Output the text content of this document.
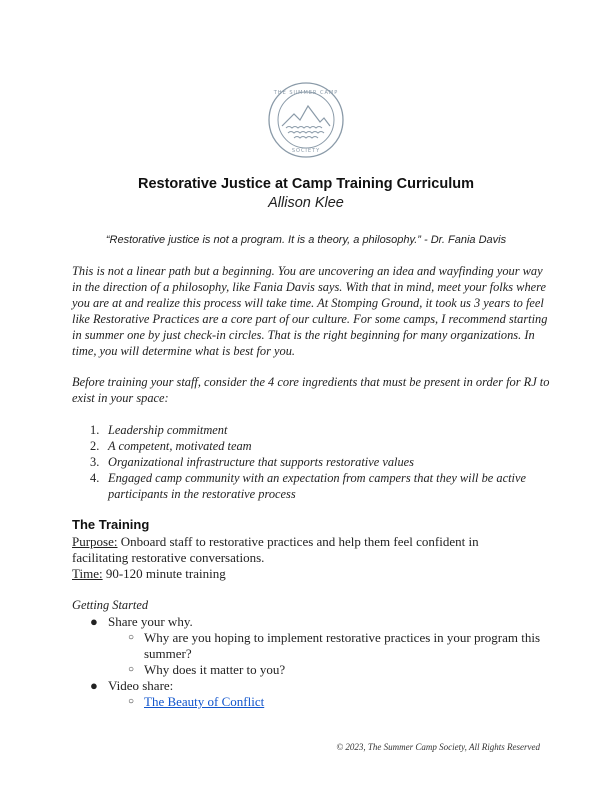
THE SUMMER CAMP
SOCIETY
Restorative Justice at Camp Training Curriculum
Allison Klee
“Restorative justice is not a program. It is a theory, a philosophy.” - Dr. Fania Davis
This is not a linear path but a beginning. You are uncovering an idea and wayfinding your way in the direction of a philosophy, like Fania Davis says. With that in mind, meet your folks where you are at and realize this process will take time. At Stomping Ground, it took us 3 years to feel like Restorative Practices are a core part of our culture. For some camps, I recommend starting in summer one by just check-in circles. That is the right beginning for many organizations. In time, you will determine what is best for you.
Before training your staff, consider the 4 core ingredients that must be present in order for RJ to exist in your space:
1. Leadership commitment
2. A competent, motivated team
3. Organizational infrastructure that supports restorative values
4. Engaged camp community with an expectation from campers that they will be active participants in the restorative process
The Training
Purpose: Onboard staff to restorative practices and help them feel confident in facilitating restorative conversations.
Time: 90-120 minute training
Getting Started
● Share your why.
○ Why are you hoping to implement restorative practices in your program this summer?
○ Why does it matter to you?
● Video share:
○ The Beauty of Conflict
© 2023, The Summer Camp Society, All Rights Reserved
